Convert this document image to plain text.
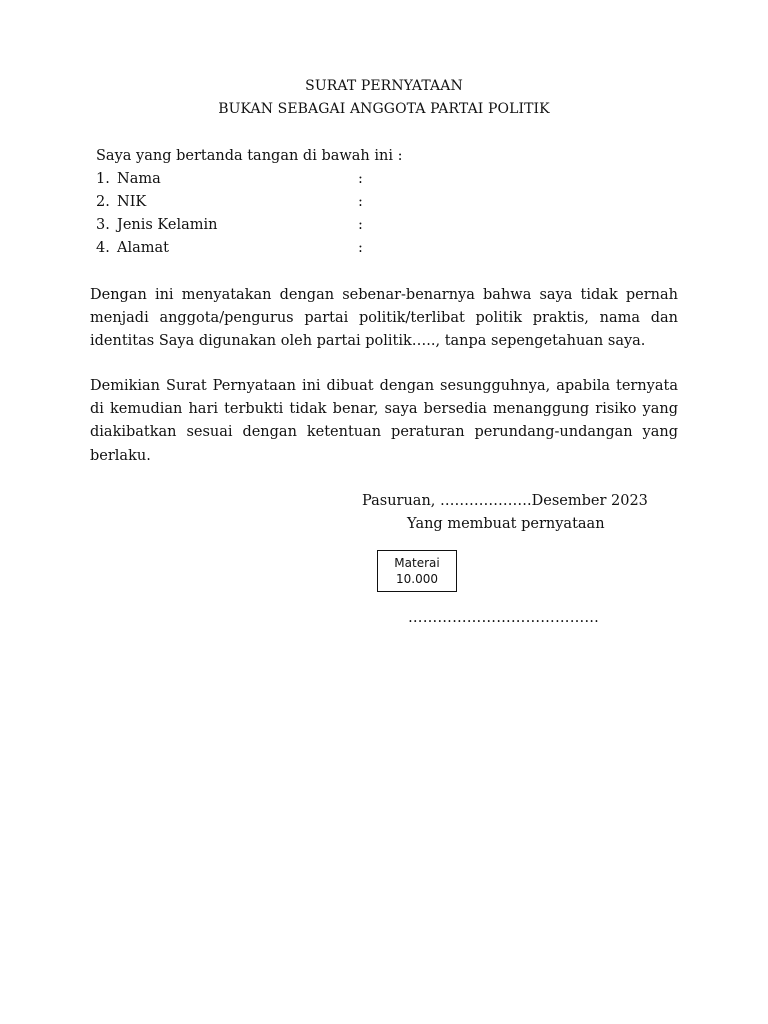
SURAT PERNYATAAN
BUKAN SEBAGAI ANGGOTA PARTAI POLITIK
Saya yang bertanda tangan di bawah ini :
1. Nama	:
2. NIK	:
3. Jenis Kelamin	:
4. Alamat	:
Dengan ini menyatakan dengan sebenar-benarnya bahwa saya tidak pernah
menjadi anggota/pengurus partai politik/terlibat politik praktis, nama dan
identitas Saya digunakan oleh partai politik….., tanpa sepengetahuan saya.
Demikian Surat Pernyataan ini dibuat dengan sesungguhnya, apabila ternyata
di kemudian hari terbukti tidak benar, saya bersedia menanggung risiko yang
diakibatkan sesuai dengan ketentuan peraturan perundang-undangan yang
berlaku.
Pasuruan, ……………….Desember 2023
Yang membuat pernyataan
Materai
10.000
…………………………………
